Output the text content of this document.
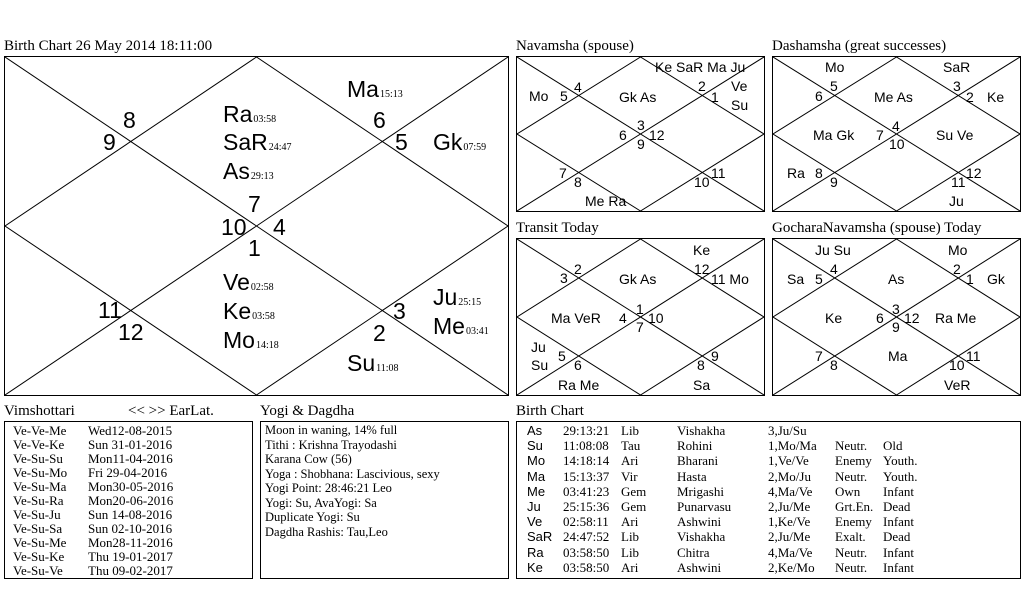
Birth Chart 26 May 2014 18:11:00
8
9
Ra03:58
SaR24:47
As29:13
Ma15:13
6
5 Gk07:59
7
10 4
1
Ve02:58
Ke03:58
Mo14:18
11
12
3
2
Ju25:15
Me03:41
Su11:08
Navamsha (spouse)
Ke SaR Ma Ju
Mo 5
4
Gk As
2
1
Ve
Su
3
6 12
9
7
8	10
11
Me Ra
Dashamsha (great successes)
Mo	SaR
6
5
Me As
3
2 Ke
Ma Gk 7
4
10
Su Ve
Ra 8
9	11
12
Ju
Transit Today
Ke
3
2
Gk As
12
11 Mo
Ma VeR 4
1
10
7
Ju
Su
5
6	8
9
Ra Me	Sa
GocharaNavamsha (spouse) Today
Ju Su	Mo
Sa 5
4
As
2
1 Gk
Ke 6
3
12
9
Ra Me
7
8
Ma
10
11
VeR
Vimshottari	<< >> EarLat.
Ve-Ve-Me Wed12-08-2015
Ve-Ve-Ke Sun 31-01-2016
Ve-Su-Su Mon11-04-2016
Ve-Su-Mo Fri 29-04-2016
Ve-Su-Ma Mon30-05-2016
Ve-Su-Ra Mon20-06-2016
Ve-Su-Ju Sun 14-08-2016
Ve-Su-Sa Sun 02-10-2016
Ve-Su-Me Mon28-11-2016
Ve-Su-Ke Thu 19-01-2017
Ve-Su-Ve Thu 09-02-2017
Yogi & Dagdha
Moon in waning, 14% full
Tithi : Krishna Trayodashi
Karana Cow (56)
Yoga : Shobhana: Lascivious, sexy
Yogi Point: 28:46:21 Leo
Yogi: Su, AvaYogi: Sa
Duplicate Yogi: Su
Dagdha Rashis: Tau,Leo
Birth Chart
As 29:13:21 Lib	Vishakha	3,Ju/Su
Su 11:08:08 Tau	Rohini	1,Mo/Ma Neutr. Old
Mo 14:18:14 Ari	Bharani	1,Ve/Ve Enemy Youth.
Ma 15:13:37 Vir	Hasta	2,Mo/Ju Neutr. Youth.
Me 03:41:23 Gem Mrigashi	4,Ma/Ve Own Infant
Ju 25:15:36 Gem Punarvasu	2,Ju/Me Grt.En. Dead
Ve 02:58:11 Ari	Ashwini	1,Ke/Ve Enemy Infant
SaR 24:47:52 Lib	Vishakha	2,Ju/Me Exalt. Dead
Ra 03:58:50 Lib	Chitra	4,Ma/Ve Neutr. Infant
Ke 03:58:50 Ari	Ashwini	2,Ke/Mo Neutr. Infant
